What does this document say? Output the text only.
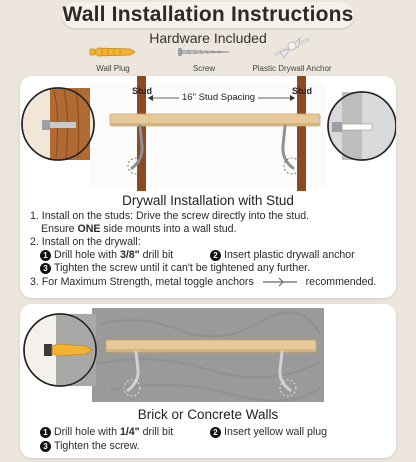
Wall Installation Instructions
Hardware Included
Wall Plug	Screw	Plastic Drywall Anchor
Stud	Stud
16" Stud Spacing
Drywall Installation with Stud
1. Install on the studs: Drive the screw directly into the stud.
Ensure ONE side mounts into a wall stud.
2. Install on the drywall:
1 Drill hole with 3/8" drill bit	2 Insert plastic drywall anchor
3 Tighten the screw until it can't be tightened any further.
3. For Maximum Strength, metal toggle anchors	recommended.
Brick or Concrete Walls
1 Drill hole with 1/4" drill bit	2 Insert yellow wall plug
3 Tighten the screw.
